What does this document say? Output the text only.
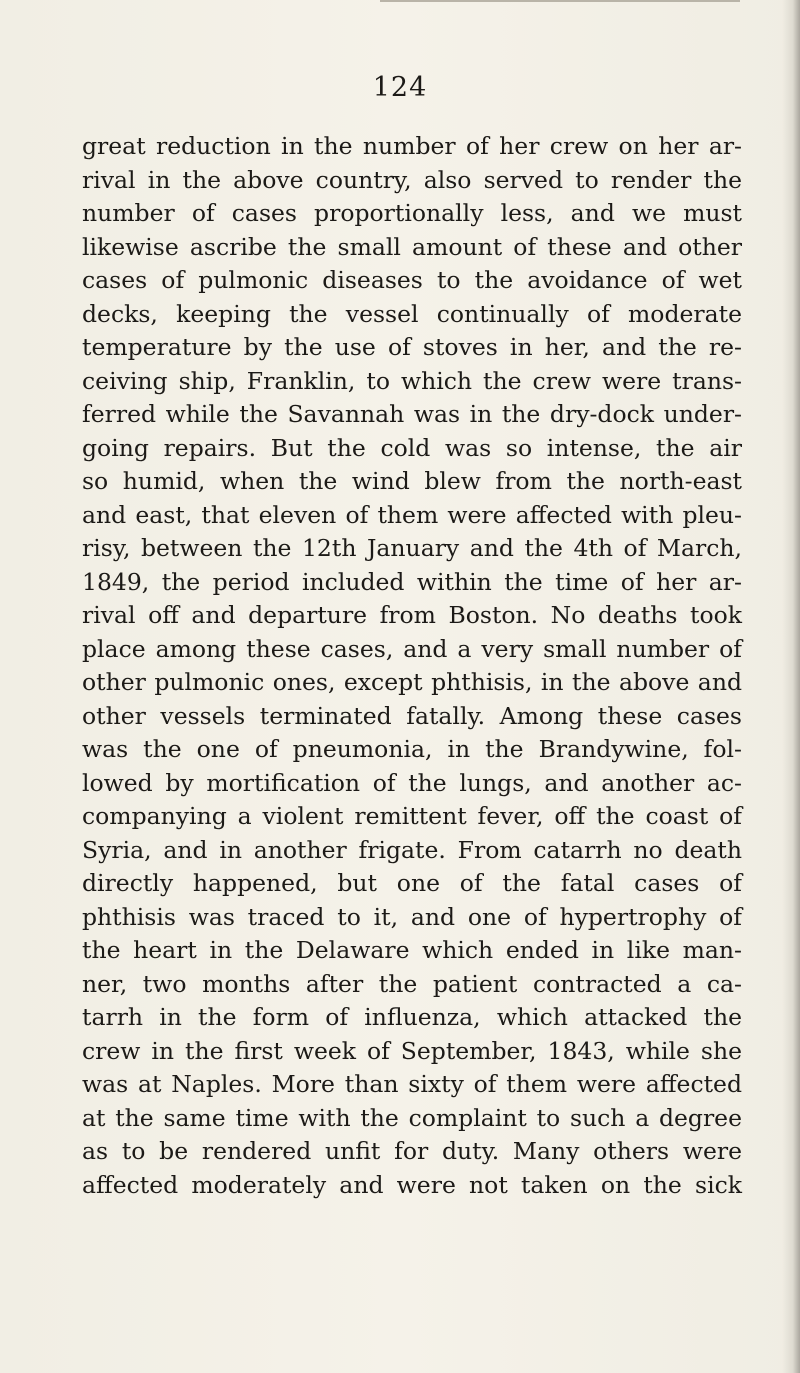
124
great reduction in the number of her crew on her ar-
rival in the above country, also served to render the
number of cases proportionally less, and we must
likewise ascribe the small amount of these and other
cases of pulmonic diseases to the avoidance of wet
decks, keeping the vessel continually of moderate
temperature by the use of stoves in her, and the re-
ceiving ship, Franklin, to which the crew were trans-
ferred while the Savannah was in the dry-dock under-
going repairs. But the cold was so intense, the air
so humid, when the wind blew from the north-east
and east, that eleven of them were affected with pleu-
risy, between the 12th January and the 4th of March,
1849, the period included within the time of her ar-
rival off and departure from Boston. No deaths took
place among these cases, and a very small number of
other pulmonic ones, except phthisis, in the above and
other vessels terminated fatally. Among these cases
was the one of pneumonia, in the Brandywine, fol-
lowed by mortification of the lungs, and another ac-
companying a violent remittent fever, off the coast of
Syria, and in another frigate. From catarrh no death
directly happened, but one of the fatal cases of
phthisis was traced to it, and one of hypertrophy of
the heart in the Delaware which ended in like man-
ner, two months after the patient contracted a ca-
tarrh in the form of influenza, which attacked the
crew in the first week of September, 1843, while she
was at Naples. More than sixty of them were affected
at the same time with the complaint to such a degree
as to be rendered unfit for duty. Many others were
affected moderately and were not taken on the sick
